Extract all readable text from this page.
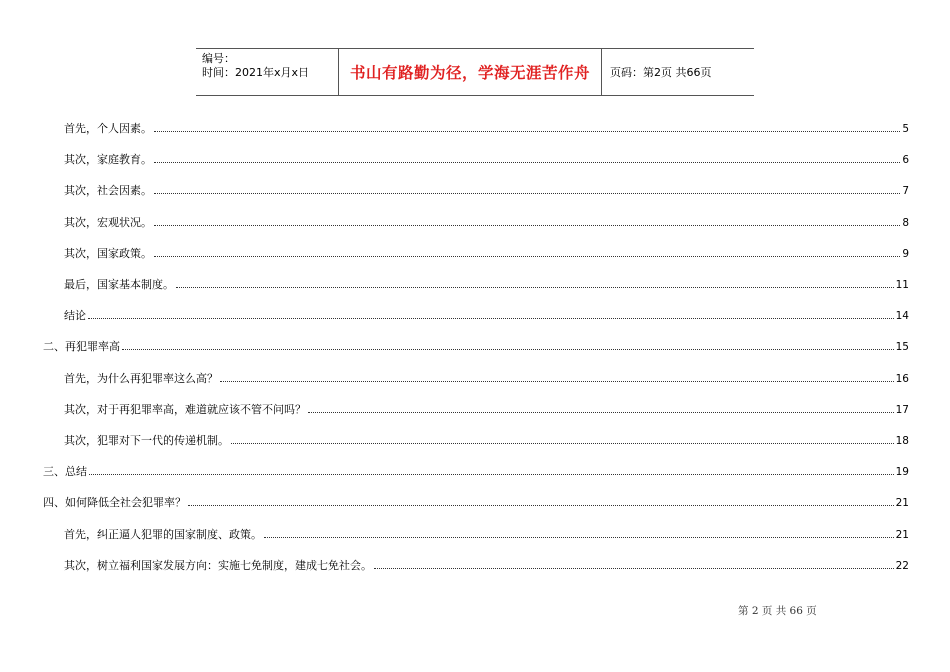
编号：
时间：2021年x月x日	书山有路勤为径，学海无涯苦作舟	页码：第2页 共66页
首先，个人因素。	5
其次，家庭教育。	6
其次，社会因素。	7
其次，宏观状况。	8
其次，国家政策。	9
最后，国家基本制度。	11
结论	14
二、再犯罪率高	15
首先，为什么再犯罪率这么高？	16
其次，对于再犯罪率高，难道就应该不管不问吗？	17
其次，犯罪对下一代的传递机制。	18
三、总结	19
四、如何降低全社会犯罪率？	21
首先，纠正逼人犯罪的国家制度、政策。	21
其次，树立福利国家发展方向：实施七免制度，建成七免社会。	22
第 2 页 共 66 页
